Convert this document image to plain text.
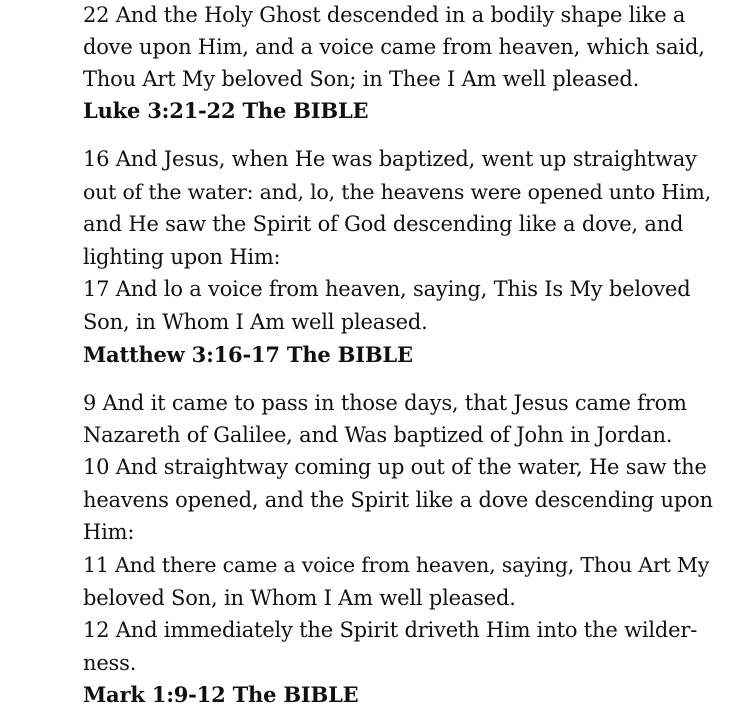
22 And the Holy Ghost descended in a bodily shape like a
dove upon Him, and a voice came from heaven, which said,
Thou Art My beloved Son; in Thee I Am well pleased.
Luke 3:21-22 The BIBLE
16 And Jesus, when He was baptized, went up straightway
out of the water: and, lo, the heavens were opened unto Him,
and He saw the Spirit of God descending like a dove, and
lighting upon Him:
17 And lo a voice from heaven, saying, This Is My beloved
Son, in Whom I Am well pleased.
Matthew 3:16-17 The BIBLE
9 And it came to pass in those days, that Jesus came from
Nazareth of Galilee, and Was baptized of John in Jordan.
10 And straightway coming up out of the water, He saw the
heavens opened, and the Spirit like a dove descending upon
Him:
11 And there came a voice from heaven, saying, Thou Art My
beloved Son, in Whom I Am well pleased.
12 And immediately the Spirit driveth Him into the wilder-
ness.
Mark 1:9-12 The BIBLE
